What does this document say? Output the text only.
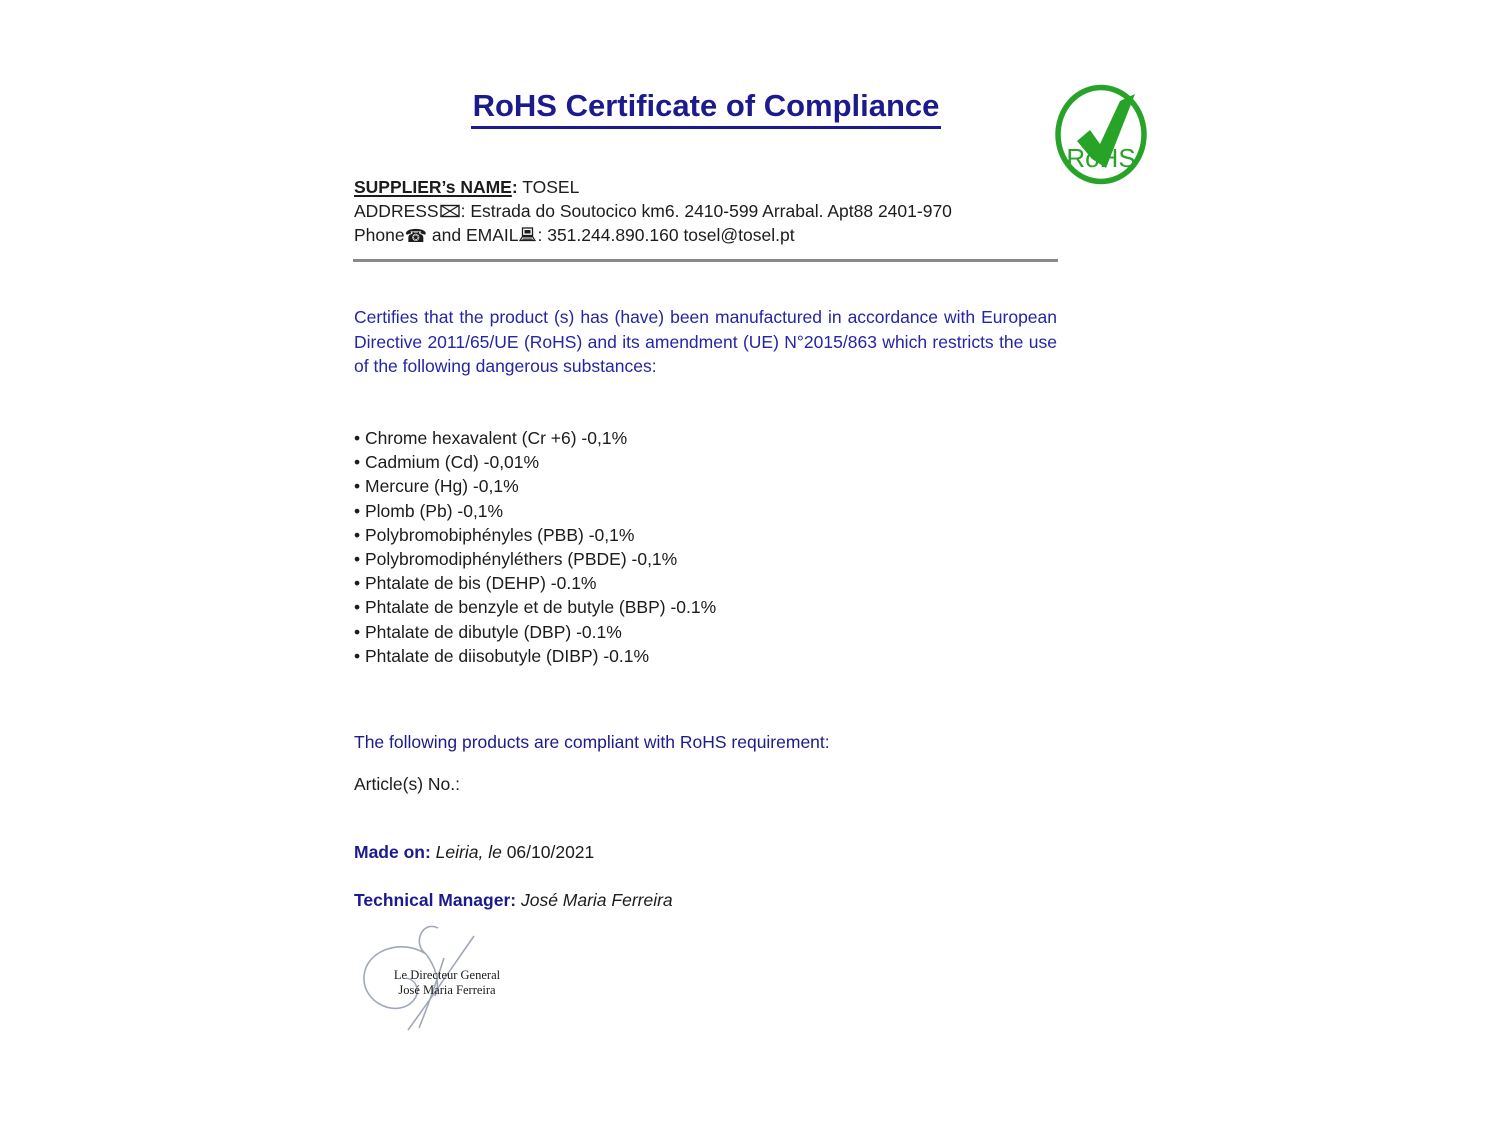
RoHS Certificate of Compliance
RoHS
SUPPLIER’s NAME: TOSEL
ADDRESS : Estrada do Soutocico km6. 2410-599 Arrabal. Apt88 2401-970
Phone☎ and EMAIL : 351.244.890.160 tosel@tosel.pt

Certifies that the product (s) has (have) been manufactured in accordance with European Directive 2011/65/UE (RoHS) and its amendment (UE) N°2015/863 which restricts the use of the following dangerous substances:

• Chrome hexavalent (Cr +6) -0,1%
• Cadmium (Cd) -0,01%
• Mercure (Hg) -0,1%
• Plomb (Pb) -0,1%
• Polybromobiphényles (PBB) -0,1%
• Polybromodiphényléthers (PBDE) -0,1%
• Phtalate de bis (DEHP) -0.1%
• Phtalate de benzyle et de butyle (BBP) -0.1%
• Phtalate de dibutyle (DBP) -0.1%
• Phtalate de diisobutyle (DIBP) -0.1%
The following products are compliant with RoHS requirement:
Article(s) No.:
Made on: Leiria, le 06/10/2021
Technical Manager: José Maria Ferreira
Le Directeur General
José Maria Ferreira
